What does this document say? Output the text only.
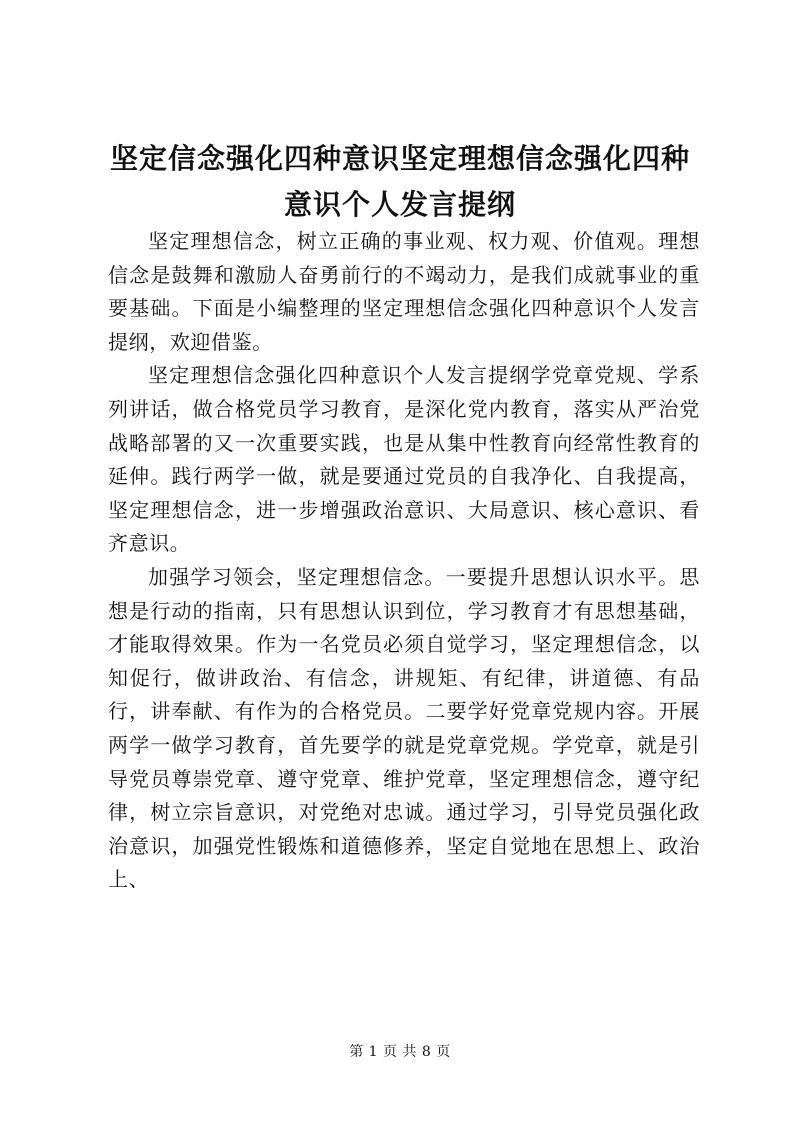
坚定信念强化四种意识坚定理想信念强化四种
意识个人发言提纲

坚定理想信念，树立正确的事业观、权力观、价值观。理想信念是鼓舞和激励人奋勇前行的不竭动力，是我们成就事业的重要基础。下面是小编整理的坚定理想信念强化四种意识个人发言提纲，欢迎借鉴。

坚定理想信念强化四种意识个人发言提纲学党章党规、学系列讲话，做合格党员学习教育，是深化党内教育，落实从严治党战略部署的又一次重要实践，也是从集中性教育向经常性教育的延伸。践行两学一做，就是要通过党员的自我净化、自我提高，坚定理想信念，进一步增强政治意识、大局意识、核心意识、看齐意识。

加强学习领会，坚定理想信念。一要提升思想认识水平。思想是行动的指南，只有思想认识到位，学习教育才有思想基础，才能取得效果。作为一名党员必须自觉学习，坚定理想信念，以知促行，做讲政治、有信念，讲规矩、有纪律，讲道德、有品行，讲奉献、有作为的合格党员。二要学好党章党规内容。开展两学一做学习教育，首先要学的就是党章党规。学党章，就是引导党员尊崇党章、遵守党章、维护党章，坚定理想信念，遵守纪律，树立宗旨意识，对党绝对忠诚。通过学习，引导党员强化政治意识，加强党性锻炼和道德修养，坚定自觉地在思想上、政治上、

第 1 页 共 8 页
